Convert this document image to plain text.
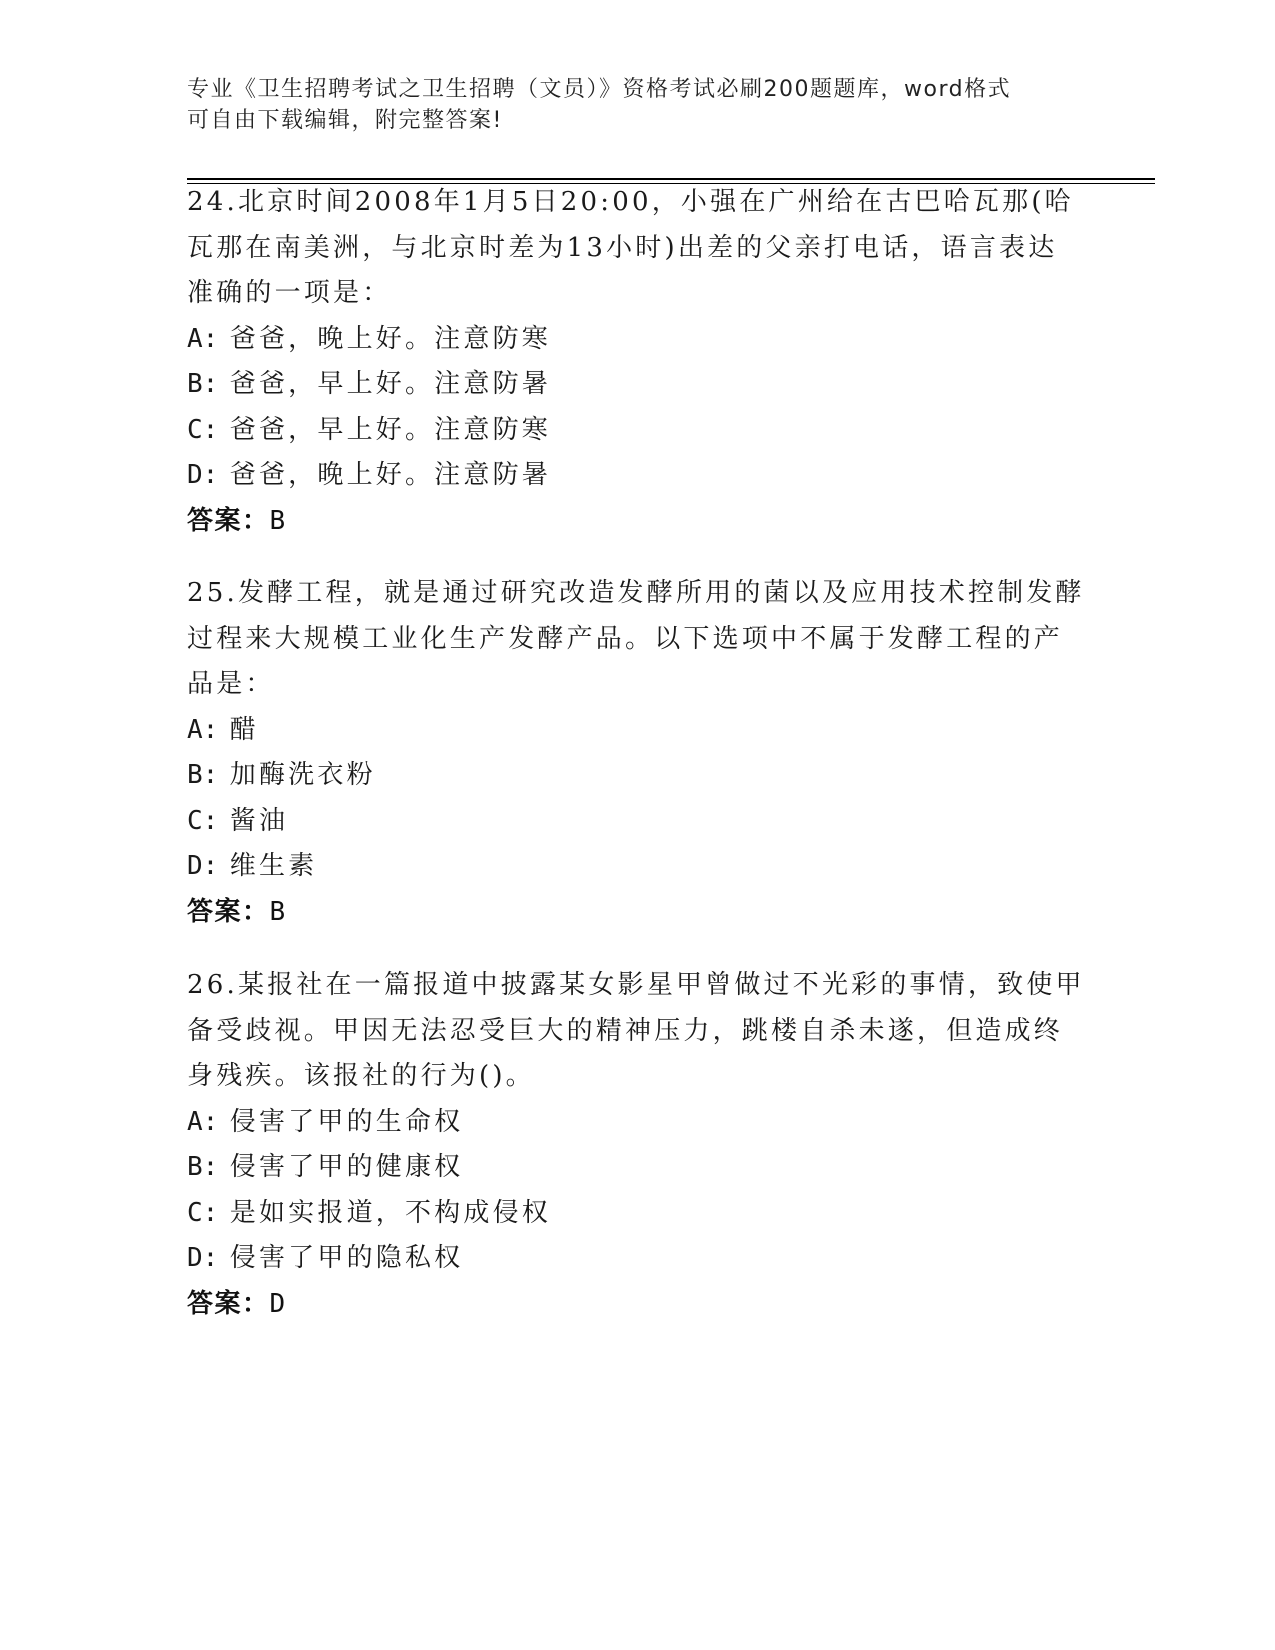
专业《卫生招聘考试之卫生招聘（文员）》资格考试必刷200题题库，word格式
可自由下载编辑，附完整答案!
24.北京时间2008年1月5日20:00，小强在广州给在古巴哈瓦那(哈
瓦那在南美洲，与北京时差为13小时)出差的父亲打电话，语言表达
准确的一项是：
A: 爸爸，晚上好。注意防寒
B: 爸爸，早上好。注意防暑
C: 爸爸，早上好。注意防寒
D: 爸爸，晚上好。注意防暑
答案：B
25.发酵工程，就是通过研究改造发酵所用的菌以及应用技术控制发酵
过程来大规模工业化生产发酵产品。以下选项中不属于发酵工程的产
品是：
A: 醋
B: 加酶洗衣粉
C: 酱油
D: 维生素
答案：B
26.某报社在一篇报道中披露某女影星甲曾做过不光彩的事情，致使甲
备受歧视。甲因无法忍受巨大的精神压力，跳楼自杀未遂，但造成终
身残疾。该报社的行为()。
A: 侵害了甲的生命权
B: 侵害了甲的健康权
C: 是如实报道，不构成侵权
D: 侵害了甲的隐私权
答案：D
